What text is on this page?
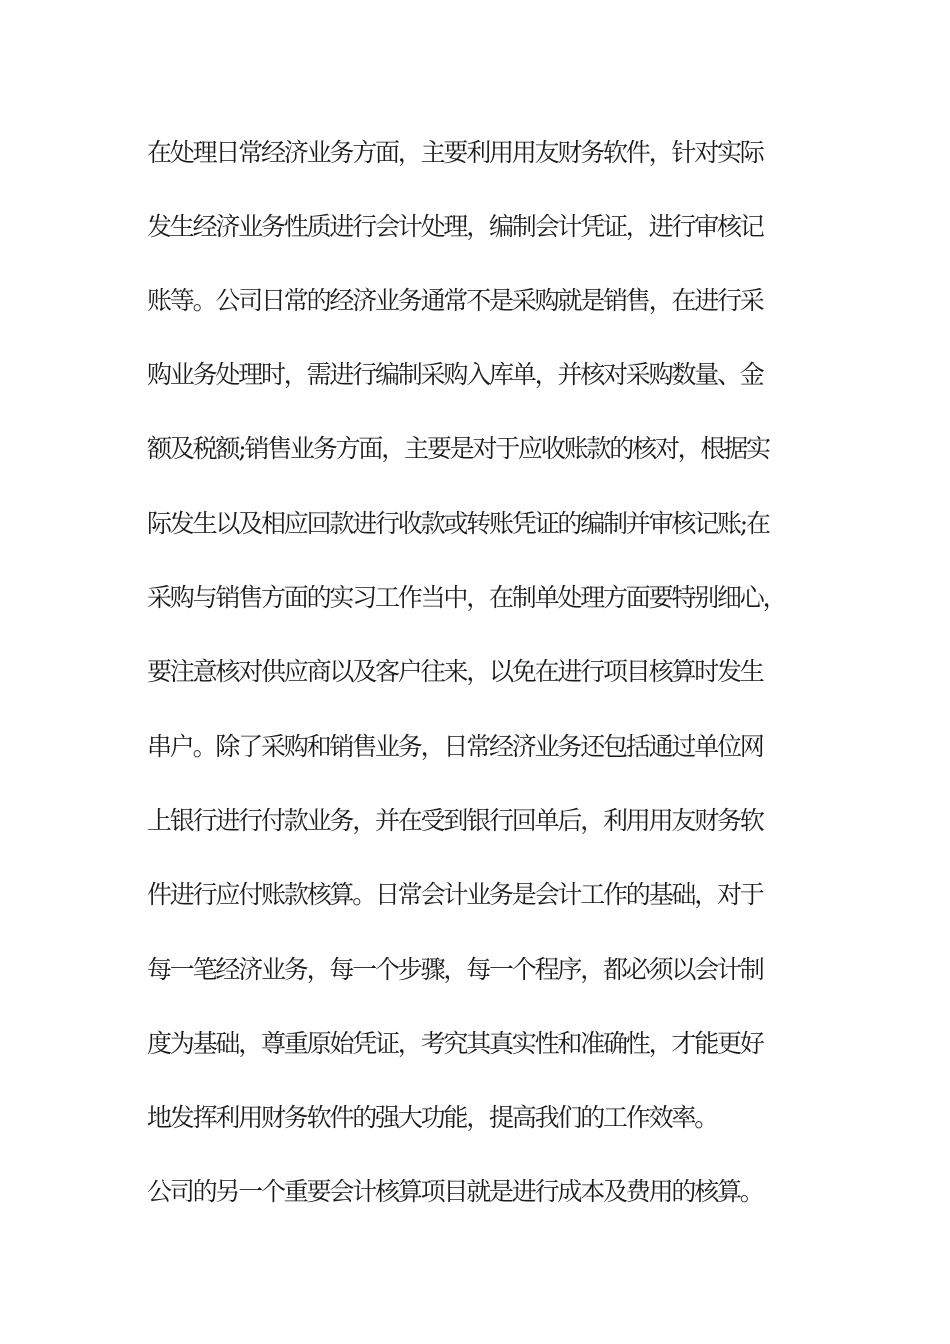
在处理日常经济业务方面，主要利用用友财务软件，针对实际
发生经济业务性质进行会计处理，编制会计凭证，进行审核记
账等。公司日常的经济业务通常不是采购就是销售，在进行采
购业务处理时，需进行编制采购入库单，并核对采购数量、金
额及税额;销售业务方面，主要是对于应收账款的核对，根据实
际发生以及相应回款进行收款或转账凭证的编制并审核记账;在
采购与销售方面的实习工作当中，在制单处理方面要特别细心，
要注意核对供应商以及客户往来，以免在进行项目核算时发生
串户。除了采购和销售业务，日常经济业务还包括通过单位网
上银行进行付款业务，并在受到银行回单后，利用用友财务软
件进行应付账款核算。日常会计业务是会计工作的基础，对于
每一笔经济业务，每一个步骤，每一个程序，都必须以会计制
度为基础，尊重原始凭证，考究其真实性和准确性，才能更好
地发挥利用财务软件的强大功能，提高我们的工作效率。
公司的另一个重要会计核算项目就是进行成本及费用的核算。
